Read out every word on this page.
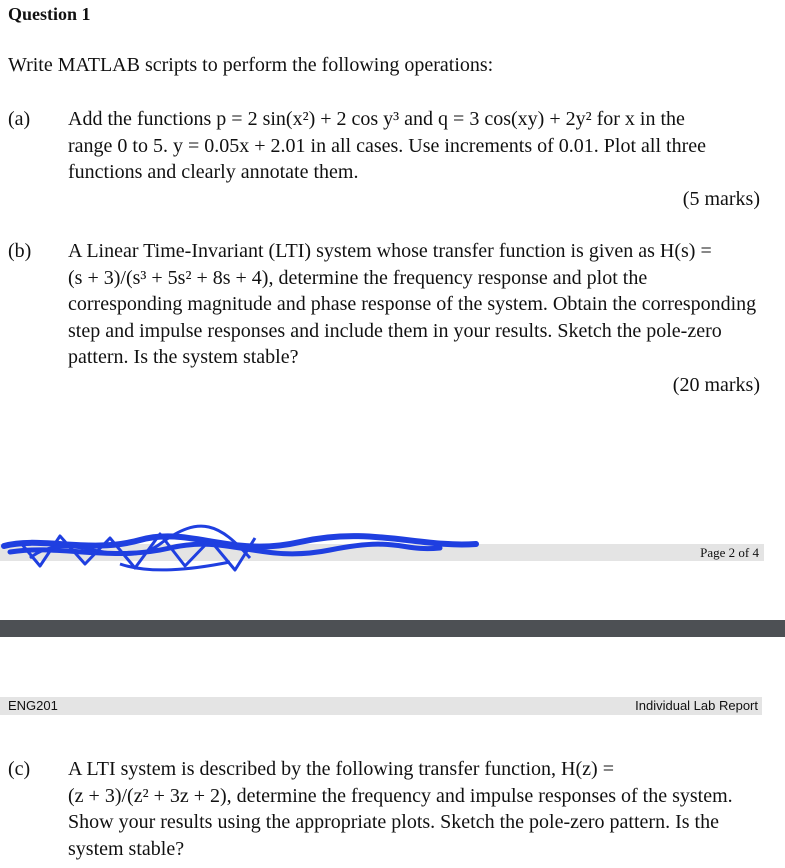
Question 1
Write MATLAB scripts to perform the following operations:
(a) Add the functions p = 2 sin(x²) + 2 cos y³ and q = 3 cos(xy) + 2y² for x in the
range 0 to 5. y = 0.05x + 2.01 in all cases. Use increments of 0.01. Plot all three
functions and clearly annotate them.
(5 marks)
(b) A Linear Time-Invariant (LTI) system whose transfer function is given as H(s) =
(s + 3)/(s³ + 5s² + 8s + 4), determine the frequency response and plot the
corresponding magnitude and phase response of the system. Obtain the corresponding
step and impulse responses and include them in your results. Sketch the pole-zero
pattern. Is the system stable?
(20 marks)
Page 2 of 4
ENG201	Individual Lab Report
(c) A LTI system is described by the following transfer function, H(z) =
(z + 3)/(z² + 3z + 2), determine the frequency and impulse responses of the system.
Show your results using the appropriate plots. Sketch the pole-zero pattern. Is the
system stable?
